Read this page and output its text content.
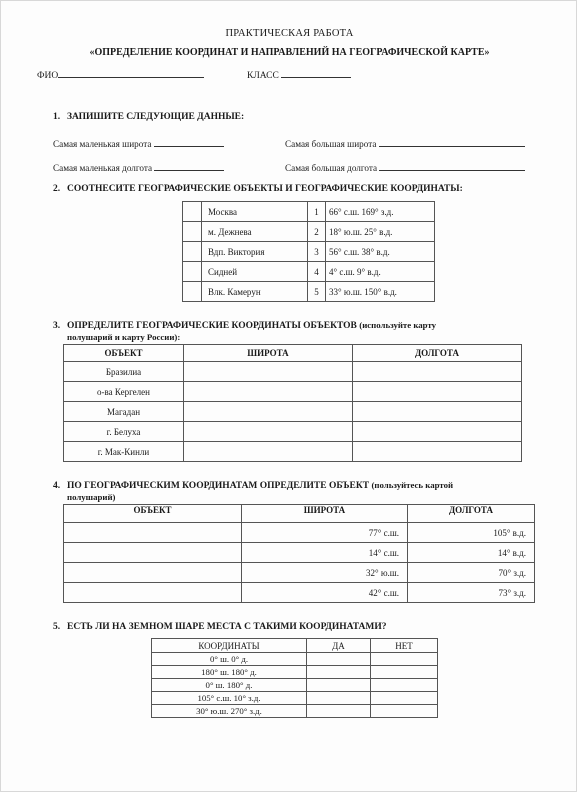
ПРАКТИЧЕСКАЯ РАБОТА
«ОПРЕДЕЛЕНИЕ КООРДИНАТ И НАПРАВЛЕНИЙ НА ГЕОГРАФИЧЕСКОЙ КАРТЕ»
ФИО	КЛАСС
1. ЗАПИШИТЕ СЛЕДУЮЩИЕ ДАННЫЕ:
Самая маленькая широта	Самая большая широта
Самая маленькая долгота	Самая большая долгота
2. СООТНЕСИТЕ ГЕОГРАФИЧЕСКИЕ ОБЪЕКТЫ И ГЕОГРАФИЧЕСКИЕ КООРДИНАТЫ:
	Москва	1	66° с.ш. 169° з.д.
	м. Дежнева	2	18° ю.ш. 25° в.д.
	Вдп. Виктория	3	56° с.ш. 38° в.д.
	Сидней	4	4° с.ш. 9° в.д.
	Влк. Камерун	5	33° ю.ш. 150° в.д.
3. ОПРЕДЕЛИТЕ ГЕОГРАФИЧЕСКИЕ КООРДИНАТЫ ОБЪЕКТОВ (используйте карту
полушарий и карту России):
ОБЪЕКТ	ШИРОТА	ДОЛГОТА
Бразилиа		
о-ва Кергелен		
Магадан		
г. Белуха		
г. Мак-Кинли		
4. ПО ГЕОГРАФИЧЕСКИМ КООРДИНАТАМ ОПРЕДЕЛИТЕ ОБЪЕКТ (пользуйтесь картой
полушарий)
ОБЪЕКТ	ШИРОТА	ДОЛГОТА
	77° с.ш.	105° в.д.
	14° с.ш.	14° в.д.
	32° ю.ш.	70° з.д.
	42° с.ш.	73° з.д.
5. ЕСТЬ ЛИ НА ЗЕМНОМ ШАРЕ МЕСТА С ТАКИМИ КООРДИНАТАМИ?
КООРДИНАТЫ	ДА	НЕТ
0° ш. 0° д.		
180° ш. 180° д.		
0° ш. 180° д.		
105° с.ш. 10° з.д.		
30° ю.ш. 270° з.д.		
